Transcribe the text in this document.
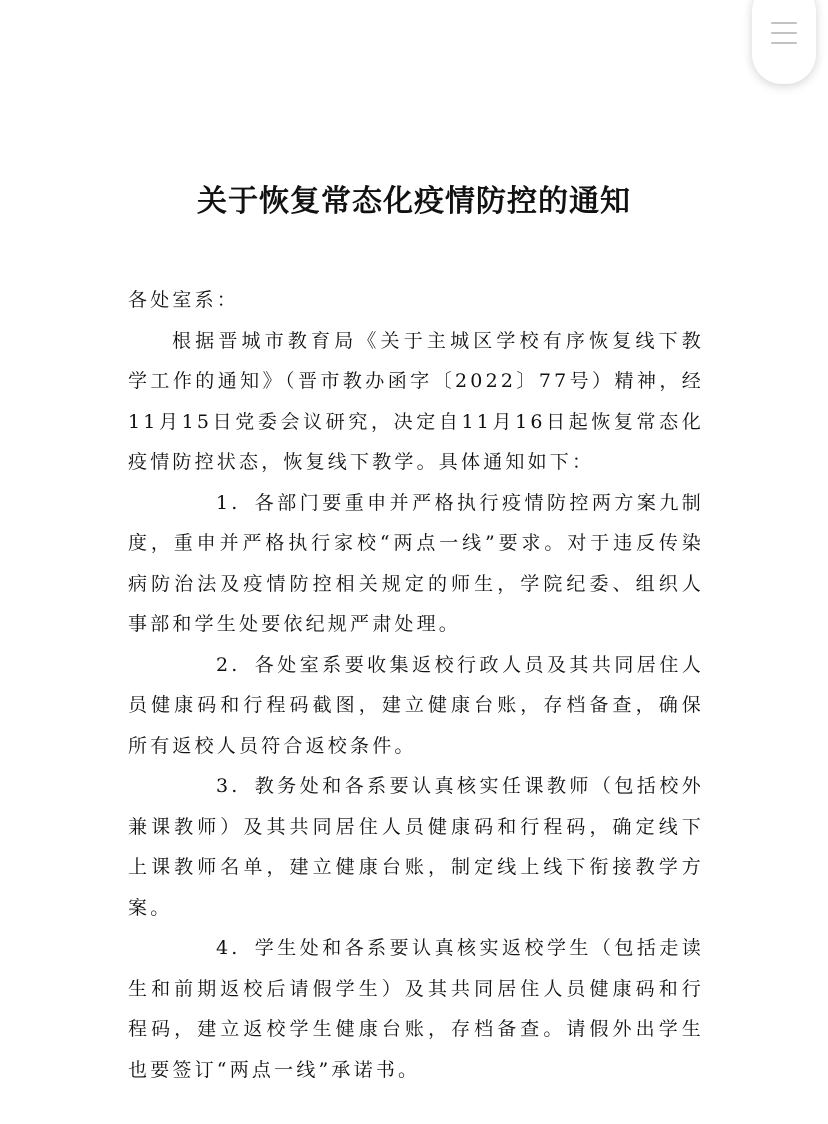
关于恢复常态化疫情防控的通知

各处室系：

根据晋城市教育局《关于主城区学校有序恢复线下教学工作的通知》（晋市教办函字〔2022〕77号）精神，经11月15日党委会议研究，决定自11月16日起恢复常态化疫情防控状态，恢复线下教学。具体通知如下：

1. 各部门要重申并严格执行疫情防控两方案九制度，重申并严格执行家校“两点一线”要求。对于违反传染病防治法及疫情防控相关规定的师生，学院纪委、组织人事部和学生处要依纪规严肃处理。

2. 各处室系要收集返校行政人员及其共同居住人员健康码和行程码截图，建立健康台账，存档备查，确保所有返校人员符合返校条件。

3. 教务处和各系要认真核实任课教师（包括校外兼课教师）及其共同居住人员健康码和行程码，确定线下上课教师名单，建立健康台账，制定线上线下衔接教学方案。

4. 学生处和各系要认真核实返校学生（包括走读生和前期返校后请假学生）及其共同居住人员健康码和行程码，建立返校学生健康台账，存档备查。请假外出学生也要签订“两点一线”承诺书。
